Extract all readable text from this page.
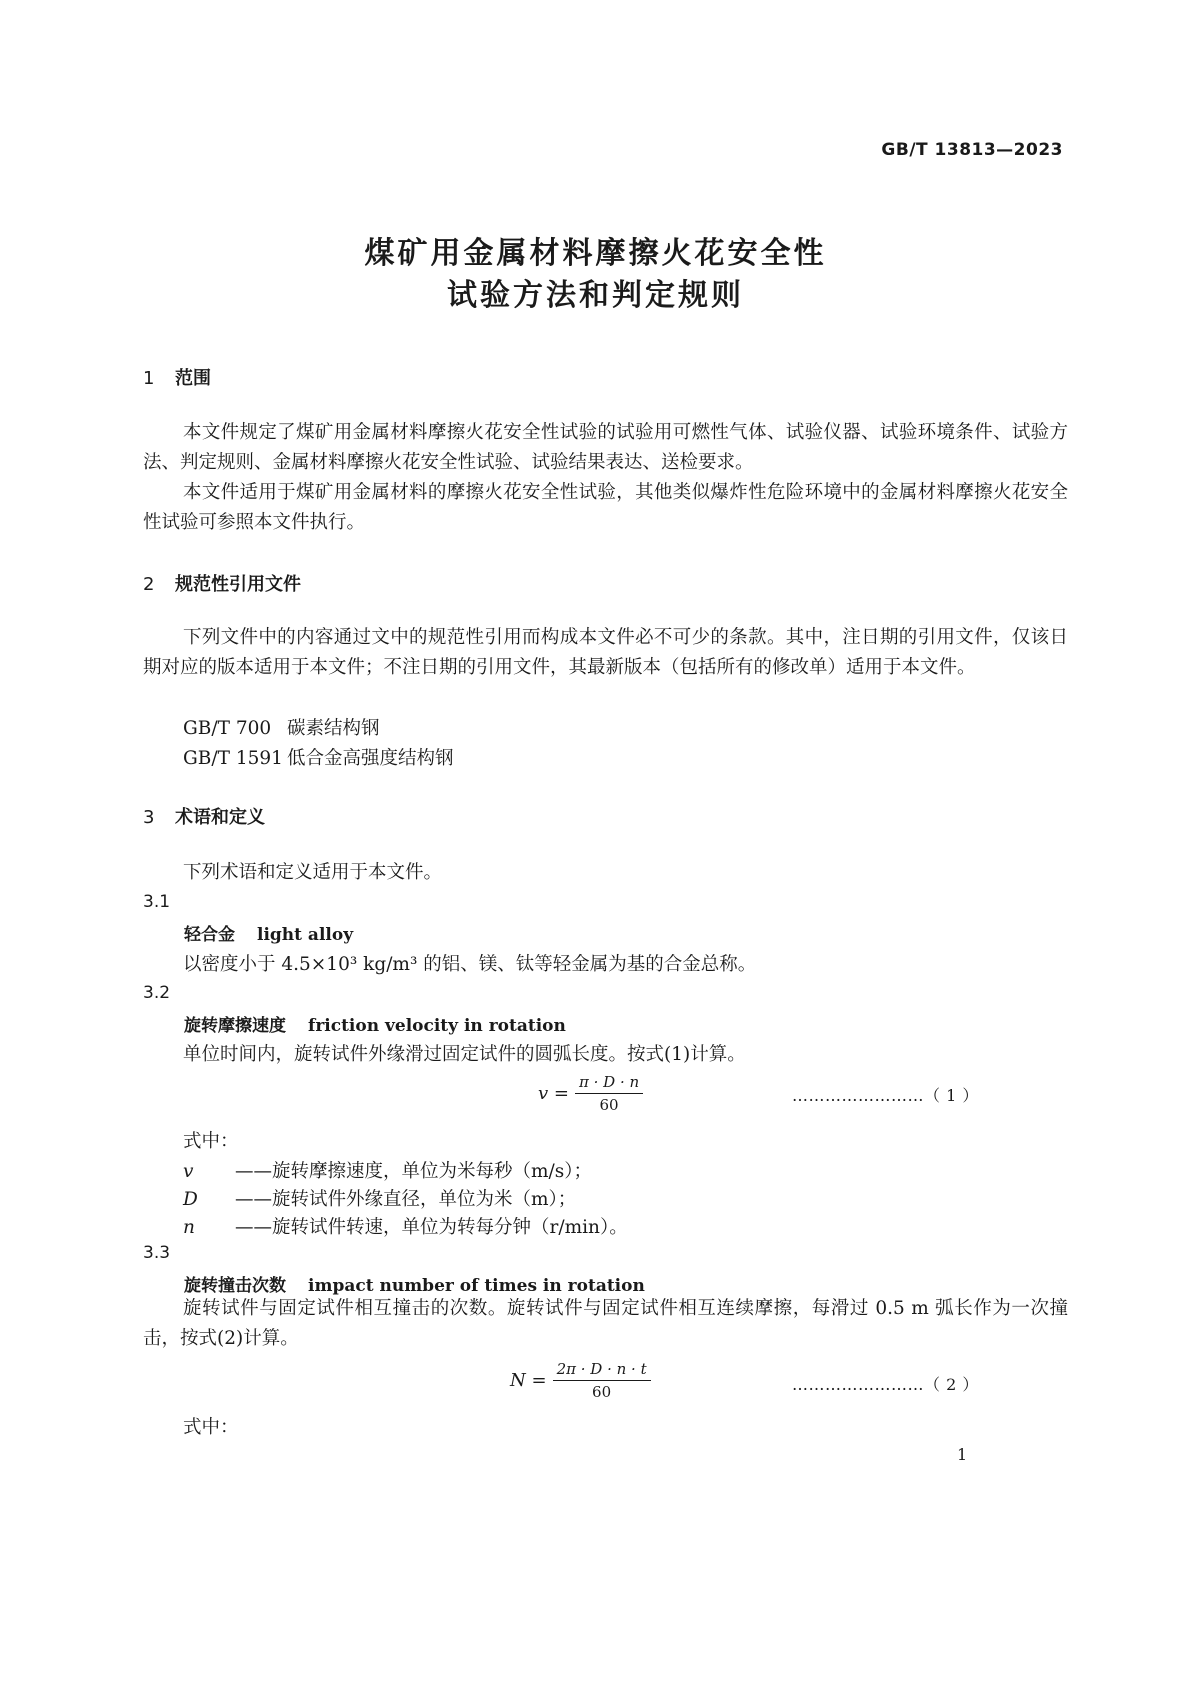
GB/T 13813—2023
煤矿用金属材料摩擦火花安全性
试验方法和判定规则
1 范围
本文件规定了煤矿用金属材料摩擦火花安全性试验的试验用可燃性气体、试验仪器、试验环境条件、试验方法、判定规则、金属材料摩擦火花安全性试验、试验结果表达、送检要求。
本文件适用于煤矿用金属材料的摩擦火花安全性试验，其他类似爆炸性危险环境中的金属材料摩擦火花安全性试验可参照本文件执行。
2 规范性引用文件
下列文件中的内容通过文中的规范性引用而构成本文件必不可少的条款。其中，注日期的引用文件，仅该日期对应的版本适用于本文件；不注日期的引用文件，其最新版本（包括所有的修改单）适用于本文件。
GB/T 700 碳素结构钢
GB/T 1591 低合金高强度结构钢
3 术语和定义
下列术语和定义适用于本文件。
3.1
轻合金 light alloy
以密度小于 4.5×10³ kg/m³ 的铝、镁、钛等轻金属为基的合金总称。
3.2
旋转摩擦速度 friction velocity in rotation
单位时间内，旋转试件外缘滑过固定试件的圆弧长度。按式(1)计算。
$v = \frac{\pi \cdot D \cdot n}{60}$	……………………（ 1 ）
式中：
v ——旋转摩擦速度，单位为米每秒（m/s）；
D ——旋转试件外缘直径，单位为米（m）；
n ——旋转试件转速，单位为转每分钟（r/min）。
3.3
旋转撞击次数 impact number of times in rotation
旋转试件与固定试件相互撞击的次数。旋转试件与固定试件相互连续摩擦，每滑过 0.5 m 弧长作为一次撞击，按式(2)计算。
$N = \frac{2\pi \cdot D \cdot n \cdot t}{60}$	……………………（ 2 ）
式中：
1
